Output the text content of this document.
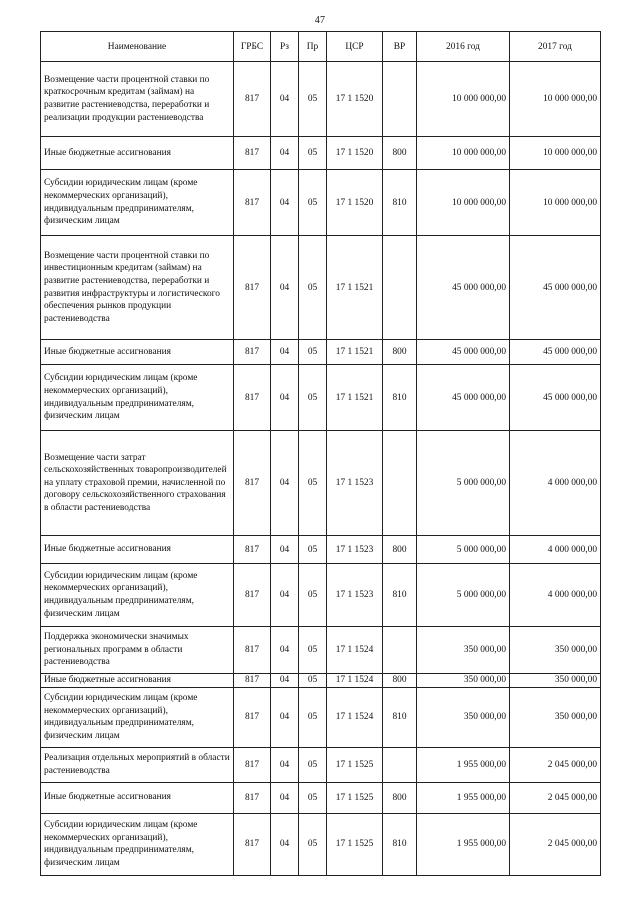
47
Наименование	ГРБС	Рз	Пр	ЦСР	ВР	2016 год	2017 год
Возмещение части процентной ставки по краткосрочным кредитам (займам) на развитие растениеводства, переработки и реализации продукции растениеводства	817	04	05	17 1 1520		10 000 000,00	10 000 000,00
Иные бюджетные ассигнования	817	04	05	17 1 1520	800	10 000 000,00	10 000 000,00
Субсидии юридическим лицам (кроме некоммерческих организаций), индивидуальным предпринимателям, физическим лицам	817	04	05	17 1 1520	810	10 000 000,00	10 000 000,00
Возмещение части процентной ставки по инвестиционным кредитам (займам) на развитие растениеводства, переработки и развития инфраструктуры и логистического обеспечения рынков продукции растениеводства	817	04	05	17 1 1521		45 000 000,00	45 000 000,00
Иные бюджетные ассигнования	817	04	05	17 1 1521	800	45 000 000,00	45 000 000,00
Субсидии юридическим лицам (кроме некоммерческих организаций), индивидуальным предпринимателям, физическим лицам	817	04	05	17 1 1521	810	45 000 000,00	45 000 000,00
Возмещение части затрат сельскохозяйственных товаропроизводителей на уплату страховой премии, начисленной по договору сельскохозяйственного страхования в области растениеводства	817	04	05	17 1 1523		5 000 000,00	4 000 000,00
Иные бюджетные ассигнования	817	04	05	17 1 1523	800	5 000 000,00	4 000 000,00
Субсидии юридическим лицам (кроме некоммерческих организаций), индивидуальным предпринимателям, физическим лицам	817	04	05	17 1 1523	810	5 000 000,00	4 000 000,00
Поддержка экономически значимых региональных программ в области растениеводства	817	04	05	17 1 1524		350 000,00	350 000,00
Иные бюджетные ассигнования	817	04	05	17 1 1524	800	350 000,00	350 000,00
Субсидии юридическим лицам (кроме некоммерческих организаций), индивидуальным предпринимателям, физическим лицам	817	04	05	17 1 1524	810	350 000,00	350 000,00
Реализация отдельных мероприятий в области растениеводства	817	04	05	17 1 1525		1 955 000,00	2 045 000,00
Иные бюджетные ассигнования	817	04	05	17 1 1525	800	1 955 000,00	2 045 000,00
Субсидии юридическим лицам (кроме некоммерческих организаций), индивидуальным предпринимателям, физическим лицам	817	04	05	17 1 1525	810	1 955 000,00	2 045 000,00
